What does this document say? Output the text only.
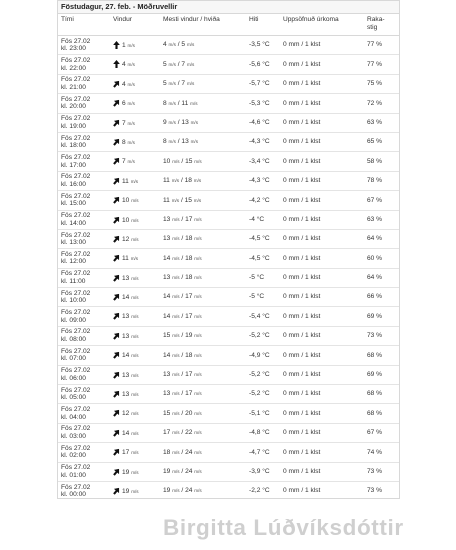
Föstudagur, 27. feb. - Möðruvellir
Tími	Vindur	Mesti vindur / hviða	Hiti	Uppsöfnuð úrkoma	Raka-
stig
Fös 27.02
kl. 23:00	1 m/s	4 m/s / 5 m/s	-3,5 °C	0 mm / 1 klst	77 %
Fös 27.02
kl. 22:00	4 m/s	5 m/s / 7 m/s	-5,6 °C	0 mm / 1 klst	77 %
Fös 27.02
kl. 21:00	4 m/s	5 m/s / 7 m/s	-5,7 °C	0 mm / 1 klst	75 %
Fös 27.02
kl. 20:00	6 m/s	8 m/s / 11 m/s	-5,3 °C	0 mm / 1 klst	72 %
Fös 27.02
kl. 19:00	7 m/s	9 m/s / 13 m/s	-4,6 °C	0 mm / 1 klst	63 %
Fös 27.02
kl. 18:00	8 m/s	8 m/s / 13 m/s	-4,3 °C	0 mm / 1 klst	65 %
Fös 27.02
kl. 17:00	7 m/s	10 m/s / 15 m/s	-3,4 °C	0 mm / 1 klst	58 %
Fös 27.02
kl. 16:00	11 m/s	11 m/s / 18 m/s	-4,3 °C	0 mm / 1 klst	78 %
Fös 27.02
kl. 15:00	10 m/s	11 m/s / 15 m/s	-4,2 °C	0 mm / 1 klst	67 %
Fös 27.02
kl. 14:00	10 m/s	13 m/s / 17 m/s	-4 °C	0 mm / 1 klst	63 %
Fös 27.02
kl. 13:00	12 m/s	13 m/s / 18 m/s	-4,5 °C	0 mm / 1 klst	64 %
Fös 27.02
kl. 12:00	11 m/s	14 m/s / 18 m/s	-4,5 °C	0 mm / 1 klst	60 %
Fös 27.02
kl. 11:00	13 m/s	13 m/s / 18 m/s	-5 °C	0 mm / 1 klst	64 %
Fös 27.02
kl. 10:00	14 m/s	14 m/s / 17 m/s	-5 °C	0 mm / 1 klst	66 %
Fös 27.02
kl. 09:00	13 m/s	14 m/s / 17 m/s	-5,4 °C	0 mm / 1 klst	69 %
Fös 27.02
kl. 08:00	13 m/s	15 m/s / 19 m/s	-5,2 °C	0 mm / 1 klst	73 %
Fös 27.02
kl. 07:00	14 m/s	14 m/s / 18 m/s	-4,9 °C	0 mm / 1 klst	68 %
Fös 27.02
kl. 06:00	13 m/s	13 m/s / 17 m/s	-5,2 °C	0 mm / 1 klst	69 %
Fös 27.02
kl. 05:00	13 m/s	13 m/s / 17 m/s	-5,2 °C	0 mm / 1 klst	68 %
Fös 27.02
kl. 04:00	12 m/s	15 m/s / 20 m/s	-5,1 °C	0 mm / 1 klst	68 %
Fös 27.02
kl. 03:00	14 m/s	17 m/s / 22 m/s	-4,8 °C	0 mm / 1 klst	67 %
Fös 27.02
kl. 02:00	17 m/s	18 m/s / 24 m/s	-4,7 °C	0 mm / 1 klst	74 %
Fös 27.02
kl. 01:00	19 m/s	19 m/s / 24 m/s	-3,9 °C	0 mm / 1 klst	73 %
Fös 27.02
kl. 00:00	19 m/s	19 m/s / 24 m/s	-2,2 °C	0 mm / 1 klst	73 %
Birgitta Lúðvíksdóttir
